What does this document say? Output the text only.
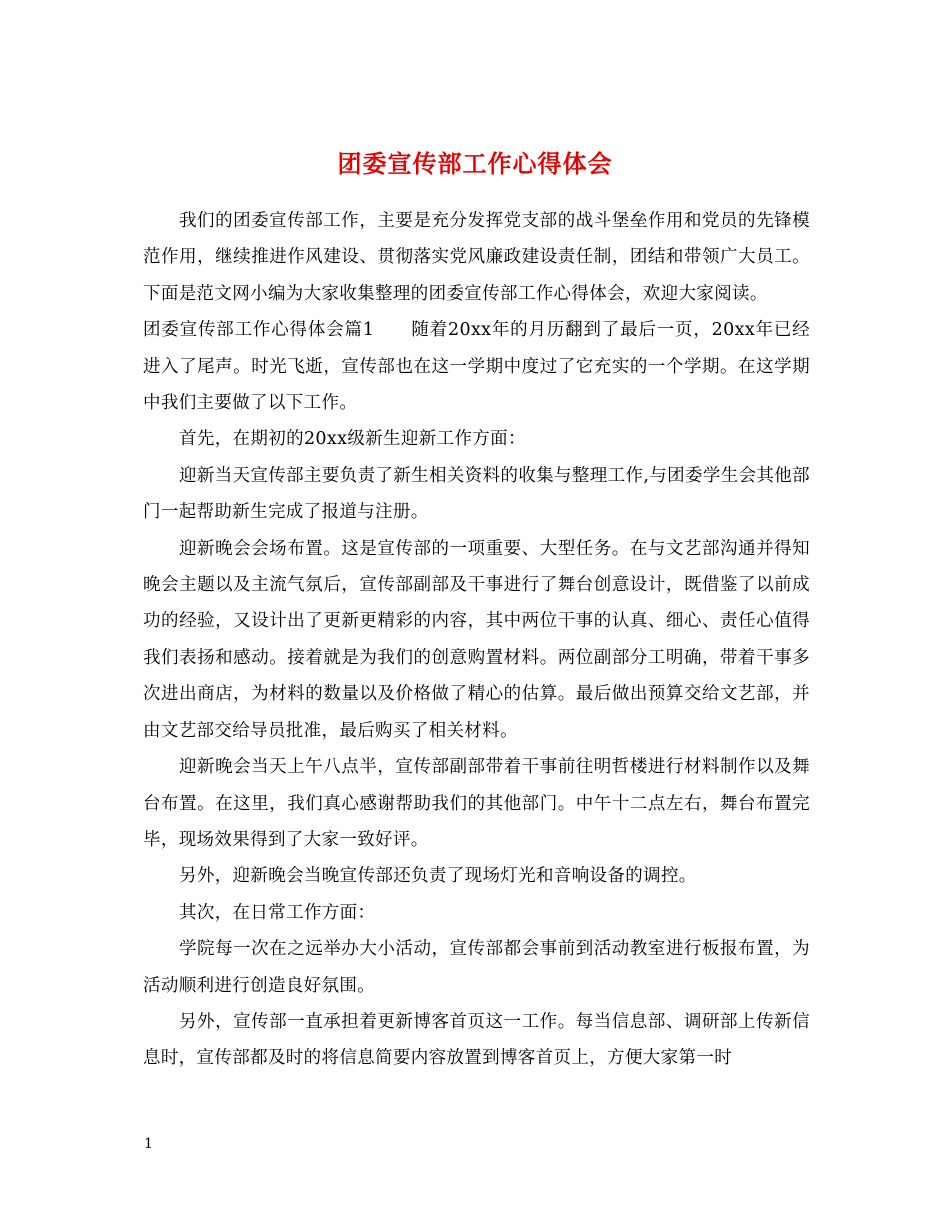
团委宣传部工作心得体会

我们的团委宣传部工作，主要是充分发挥党支部的战斗堡垒作用和党员的先锋模范作用，继续推进作风建设、贯彻落实党风廉政建设责任制，团结和带领广大员工。下面是范文网小编为大家收集整理的团委宣传部工作心得体会，欢迎大家阅读。

团委宣传部工作心得体会篇1　　随着20xx年的月历翻到了最后一页，20xx年已经进入了尾声。时光飞逝，宣传部也在这一学期中度过了它充实的一个学期。在这学期中我们主要做了以下工作。

首先，在期初的20xx级新生迎新工作方面：

迎新当天宣传部主要负责了新生相关资料的收集与整理工作,与团委学生会其他部门一起帮助新生完成了报道与注册。

迎新晚会会场布置。这是宣传部的一项重要、大型任务。在与文艺部沟通并得知晚会主题以及主流气氛后，宣传部副部及干事进行了舞台创意设计，既借鉴了以前成功的经验，又设计出了更新更精彩的内容，其中两位干事的认真、细心、责任心值得我们表扬和感动。接着就是为我们的创意购置材料。两位副部分工明确，带着干事多次进出商店，为材料的数量以及价格做了精心的估算。最后做出预算交给文艺部，并由文艺部交给导员批准，最后购买了相关材料。

迎新晚会当天上午八点半，宣传部副部带着干事前往明哲楼进行材料制作以及舞台布置。在这里，我们真心感谢帮助我们的其他部门。中午十二点左右，舞台布置完毕，现场效果得到了大家一致好评。

另外，迎新晚会当晚宣传部还负责了现场灯光和音响设备的调控。

其次，在日常工作方面：

学院每一次在之远举办大小活动，宣传部都会事前到活动教室进行板报布置，为活动顺利进行创造良好氛围。

另外，宣传部一直承担着更新博客首页这一工作。每当信息部、调研部上传新信息时，宣传部都及时的将信息简要内容放置到博客首页上，方便大家第一时

1
